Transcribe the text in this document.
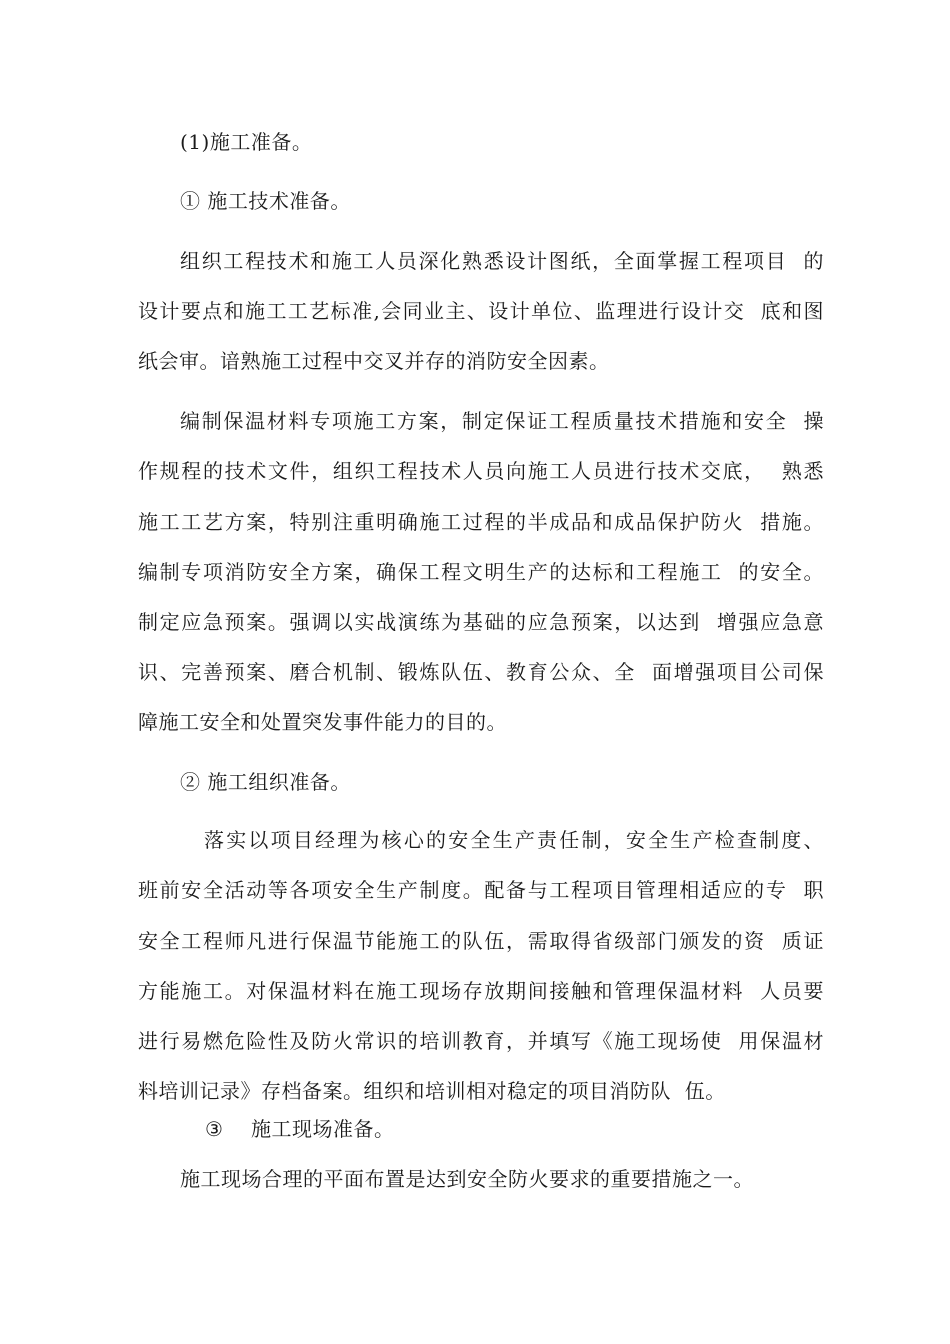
(1)施工准备。
① 施工技术准备。
组织工程技术和施工人员深化熟悉设计图纸，全面掌握工程项目  的
设计要点和施工工艺标准,会同业主、设计单位、监理进行设计交  底和图
纸会审。谙熟施工过程中交叉并存的消防安全因素。
编制保温材料专项施工方案，制定保证工程质量技术措施和安全  操
作规程的技术文件，组织工程技术人员向施工人员进行技术交底，  熟悉
施工工艺方案，特别注重明确施工过程的半成品和成品保护防火  措施。
编制专项消防安全方案，确保工程文明生产的达标和工程施工  的安全。
制定应急预案。强调以实战演练为基础的应急预案，以达到  增强应急意
识、完善预案、磨合机制、锻炼队伍、教育公众、全  面增强项目公司保
障施工安全和处置突发事件能力的目的。
② 施工组织准备。
落实以项目经理为核心的安全生产责任制，安全生产检查制度、
班前安全活动等各项安全生产制度。配备与工程项目管理相适应的专  职
安全工程师凡进行保温节能施工的队伍，需取得省级部门颁发的资  质证
方能施工。对保温材料在施工现场存放期间接触和管理保温材料  人员要
进行易燃危险性及防火常识的培训教育，并填写《施工现场使  用保温材
料培训记录》存档备案。组织和培训相对稳定的项目消防队  伍。
③ 施工现场准备。
施工现场合理的平面布置是达到安全防火要求的重要措施之一。
